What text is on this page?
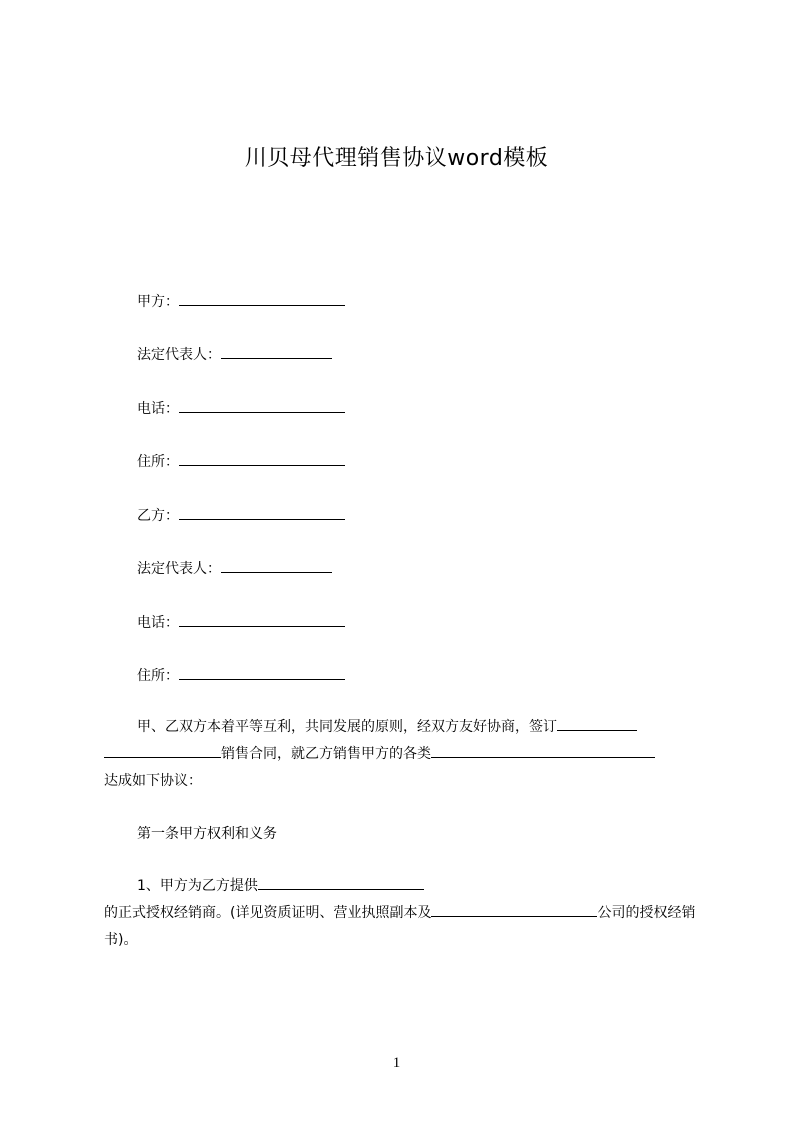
川贝母代理销售协议word模板
甲方：
法定代表人：
电话：
住所：
乙方：
法定代表人：
电话：
住所：
甲、乙双方本着平等互利，共同发展的原则，经双方友好协商，签订
销售合同，就乙方销售甲方的各类
达成如下协议：
第一条甲方权利和义务
1、甲方为乙方提供
的正式授权经销商。(详见资质证明、营业执照副本及	公司的授权经销书)。
1
